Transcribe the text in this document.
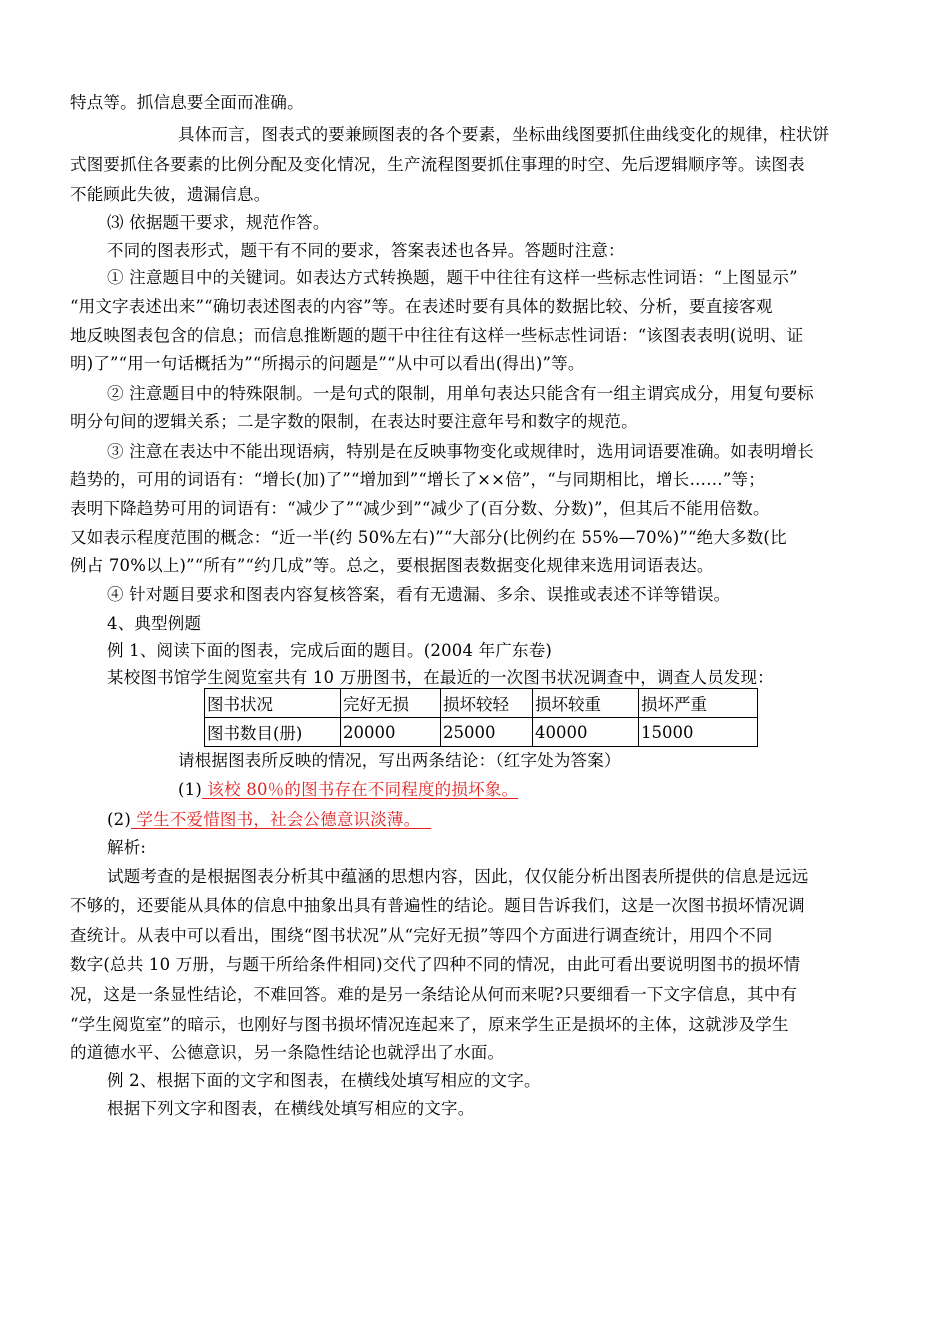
特点等。抓信息要全面而准确。
具体而言，图表式的要兼顾图表的各个要素，坐标曲线图要抓住曲线变化的规律，柱状饼
式图要抓住各要素的比例分配及变化情况，生产流程图要抓住事理的时空、先后逻辑顺序等。读图表
不能顾此失彼，遗漏信息。
⑶ 依据题干要求，规范作答。
不同的图表形式，题干有不同的要求，答案表述也各异。答题时注意：
① 注意题目中的关键词。如表达方式转换题，题干中往往有这样一些标志性词语：“上图显示”
“用文字表述出来”“确切表述图表的内容”等。在表述时要有具体的数据比较、分析，要直接客观
地反映图表包含的信息；而信息推断题的题干中往往有这样一些标志性词语：“该图表表明(说明、证
明)了”“用一句话概括为”“所揭示的问题是”“从中可以看出(得出)”等。
② 注意题目中的特殊限制。一是句式的限制，用单句表达只能含有一组主谓宾成分，用复句要标
明分句间的逻辑关系；二是字数的限制，在表达时要注意年号和数字的规范。
③ 注意在表达中不能出现语病，特别是在反映事物变化或规律时，选用词语要准确。如表明增长
趋势的，可用的词语有：“增长(加)了”“增加到”“增长了××倍”，“与同期相比，增长……”等；
表明下降趋势可用的词语有：“减少了”“减少到”“减少了(百分数、分数)”，但其后不能用倍数。
又如表示程度范围的概念：“近一半(约 50%左右)”“大部分(比例约在 55%—70%)”“绝大多数(比
例占 70%以上)”“所有”“约几成”等。总之，要根据图表数据变化规律来选用词语表达。
④ 针对题目要求和图表内容复核答案，看有无遗漏、多余、误推或表述不详等错误。
4、典型例题
例 1、阅读下面的图表，完成后面的题目。(2004 年广东卷)
某校图书馆学生阅览室共有 10 万册图书，在最近的一次图书状况调查中，调查人员发现：
图书状况	完好无损	损坏较轻	损坏较重	损坏严重
图书数目(册)	20000	25000	40000	15000
请根据图表所反映的情况，写出两条结论：（红字处为答案）
(1) 该校 80％的图书存在不同程度的损坏象。
(2) 学生不爱惜图书，社会公德意识淡薄。
解析:
试题考查的是根据图表分析其中蕴涵的思想内容，因此，仅仅能分析出图表所提供的信息是远远
不够的，还要能从具体的信息中抽象出具有普遍性的结论。题目告诉我们，这是一次图书损坏情况调
查统计。从表中可以看出，围绕“图书状况”从“完好无损”等四个方面进行调查统计，用四个不同
数字(总共 10 万册，与题干所给条件相同)交代了四种不同的情况，由此可看出要说明图书的损坏情
况，这是一条显性结论，不难回答。难的是另一条结论从何而来呢?只要细看一下文字信息，其中有
“学生阅览室”的暗示，也刚好与图书损坏情况连起来了，原来学生正是损坏的主体，这就涉及学生
的道德水平、公德意识，另一条隐性结论也就浮出了水面。
例 2、根据下面的文字和图表，在横线处填写相应的文字。
根据下列文字和图表，在横线处填写相应的文字。
